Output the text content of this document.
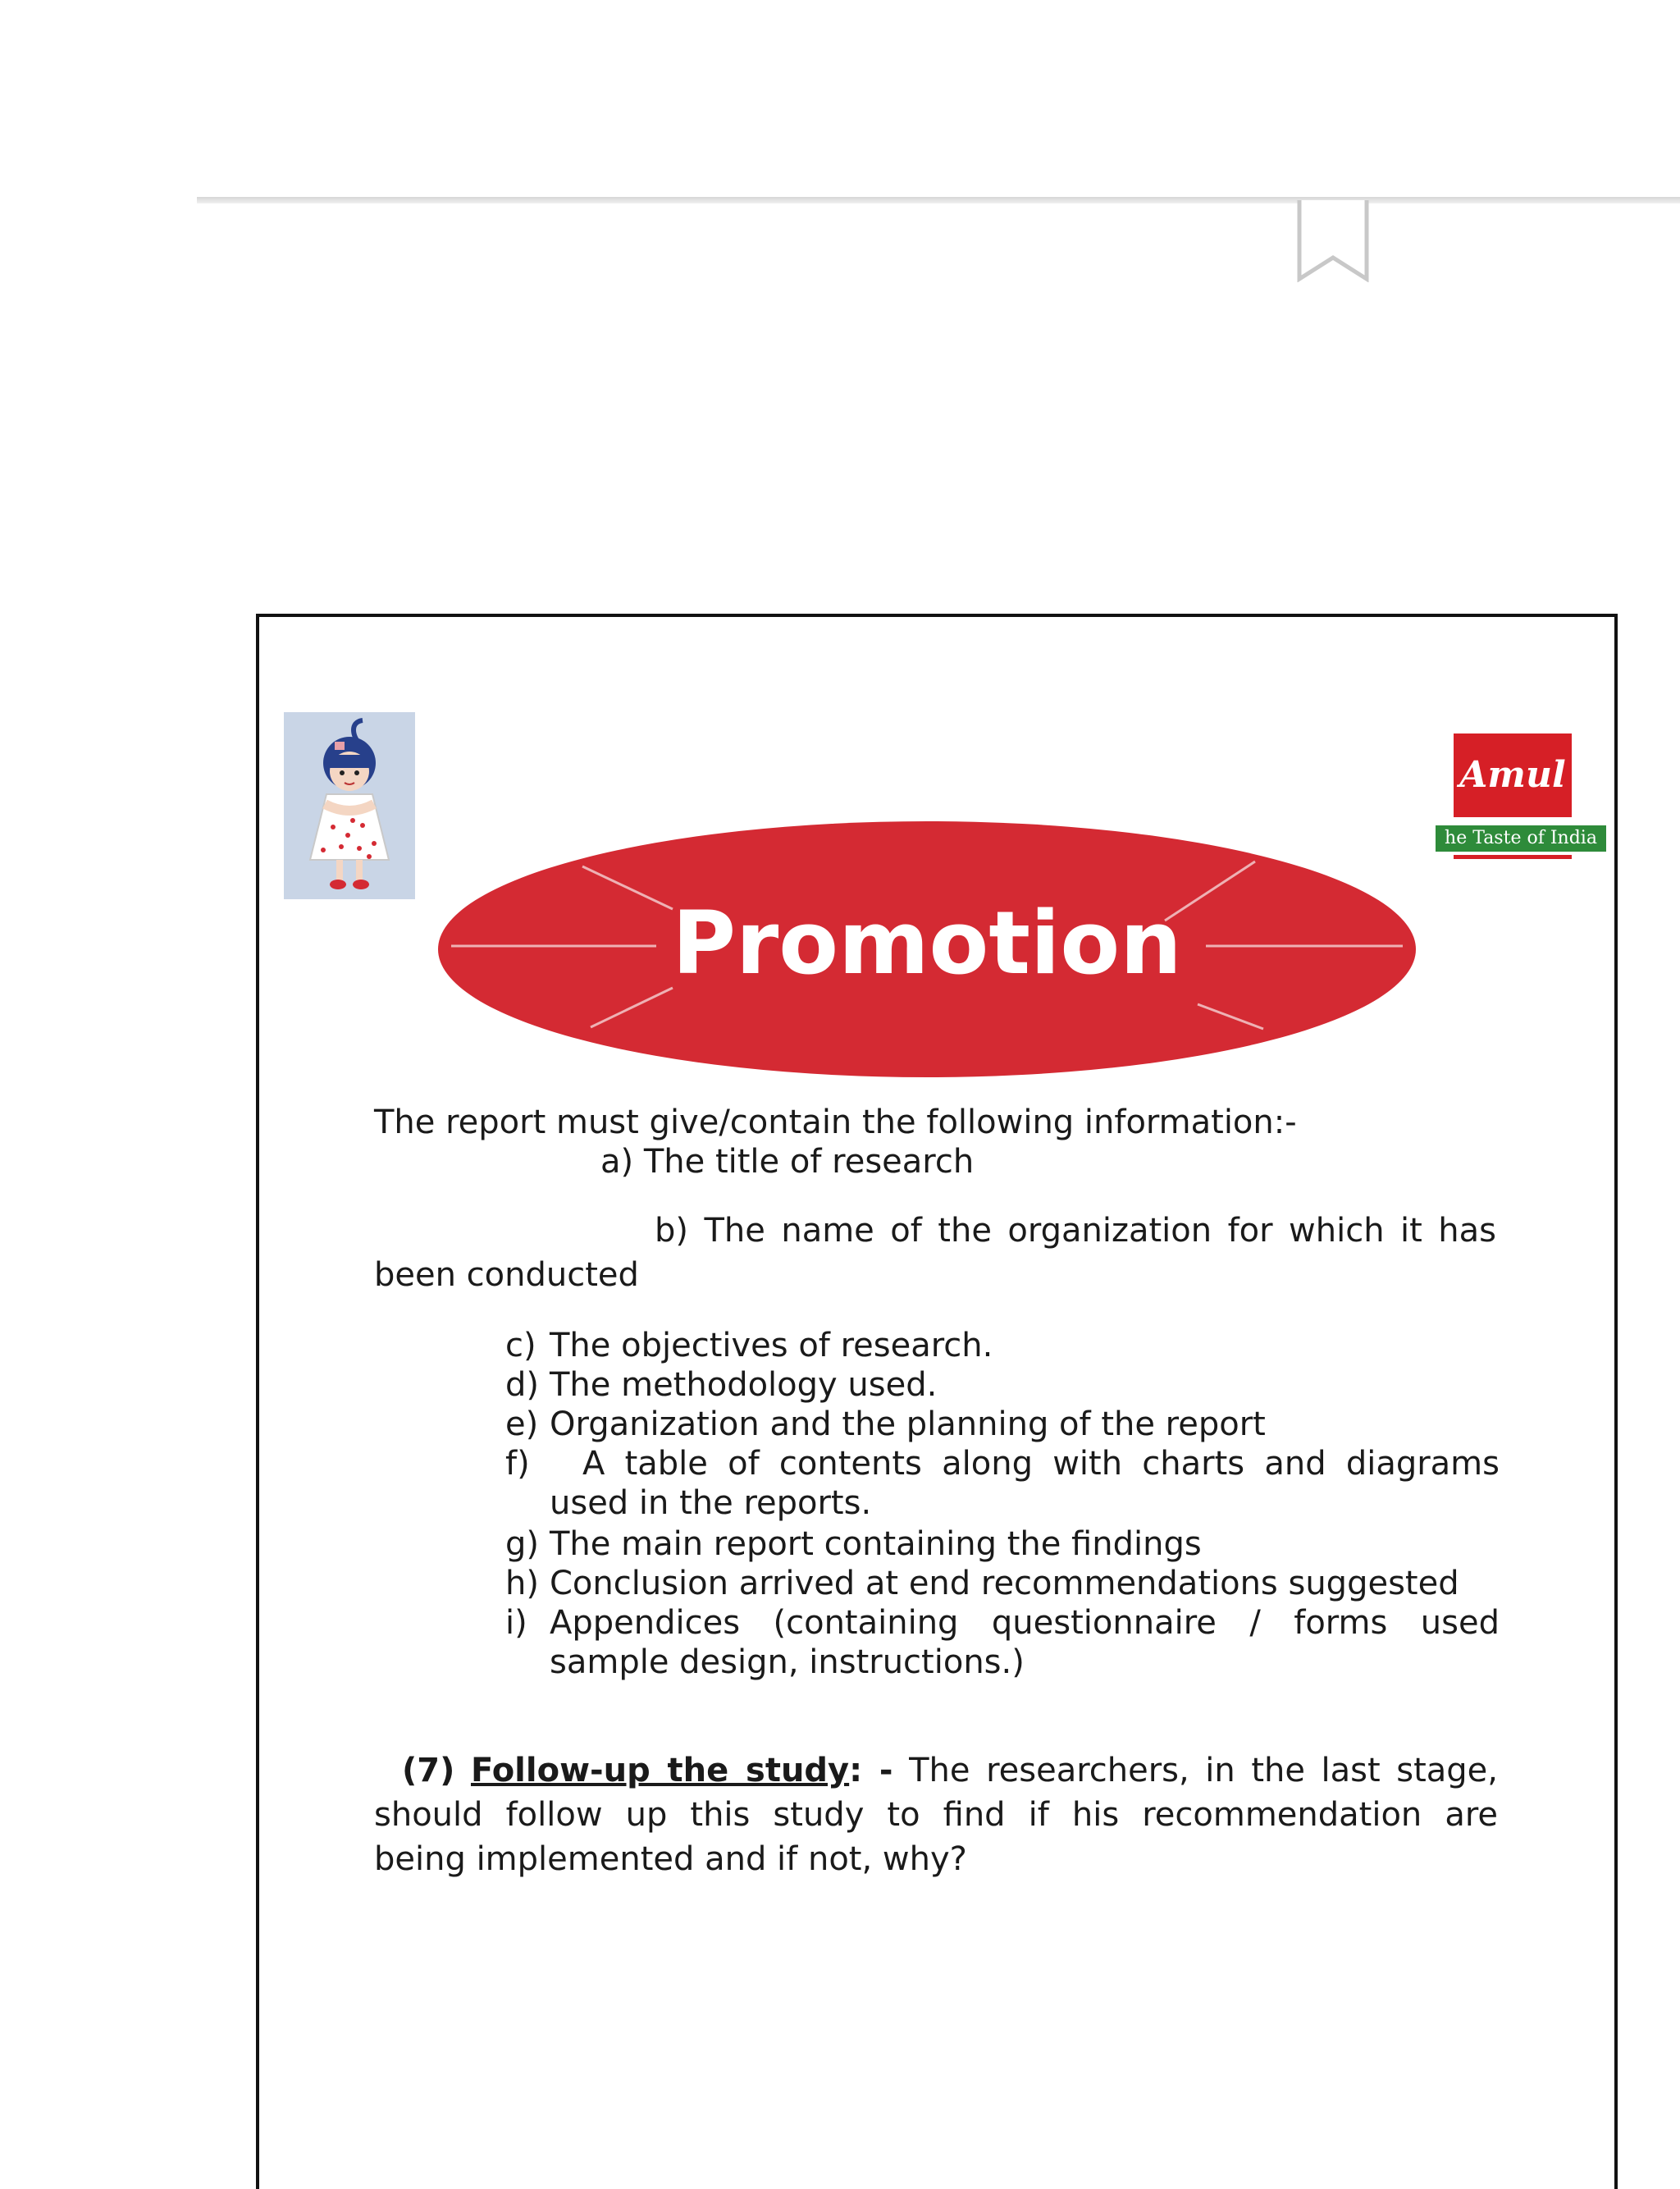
Amul
he Taste of India
Promotion
The report must give/contain the following information:-
a) The title of research
b) The name of the organization for which it has
been conducted
c) The objectives of research.
d) The methodology used.
e) Organization and the planning of the report
f) A table of contents along with charts and diagrams
used in the reports.
g) The main report containing the findings
h) Conclusion arrived at end recommendations suggested
i) Appendices (containing questionnaire / forms used
sample design, instructions.)
(7) Follow-up the study: - The researchers, in the last stage,
should follow up this study to find if his recommendation are
being implemented and if not, why?
